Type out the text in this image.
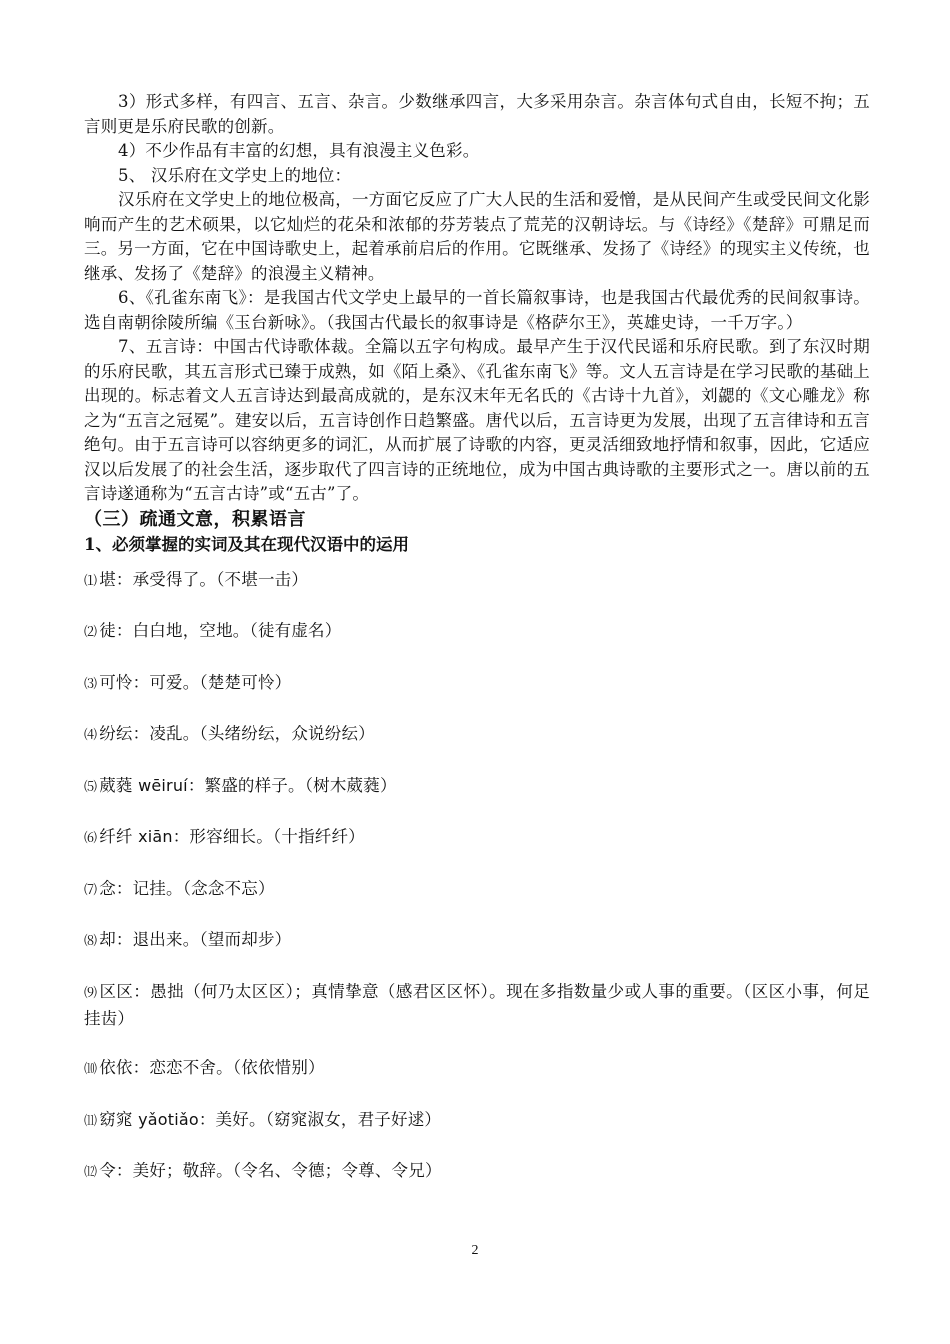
3）形式多样，有四言、五言、杂言。少数继承四言，大多采用杂言。杂言体句式自由，长短不拘；五言则更是乐府民歌的创新。

4）不少作品有丰富的幻想，具有浪漫主义色彩。

5、 汉乐府在文学史上的地位：

汉乐府在文学史上的地位极高，一方面它反应了广大人民的生活和爱憎，是从民间产生或受民间文化影响而产生的艺术硕果，以它灿烂的花朵和浓郁的芬芳装点了荒芜的汉朝诗坛。与《诗经》《楚辞》可鼎足而三。另一方面，它在中国诗歌史上，起着承前启后的作用。它既继承、发扬了《诗经》的现实主义传统，也继承、发扬了《楚辞》的浪漫主义精神。

6、《孔雀东南飞》：是我国古代文学史上最早的一首长篇叙事诗，也是我国古代最优秀的民间叙事诗。选自南朝徐陵所编《玉台新咏》。（我国古代最长的叙事诗是《格萨尔王》，英雄史诗，一千万字。）

7、五言诗：中国古代诗歌体裁。全篇以五字句构成。最早产生于汉代民谣和乐府民歌。到了东汉时期的乐府民歌，其五言形式已臻于成熟，如《陌上桑》、《孔雀东南飞》等。文人五言诗是在学习民歌的基础上出现的。标志着文人五言诗达到最高成就的，是东汉末年无名氏的《古诗十九首》，刘勰的《文心雕龙》称之为“五言之冠冕”。建安以后，五言诗创作日趋繁盛。唐代以后，五言诗更为发展，出现了五言律诗和五言绝句。由于五言诗可以容纳更多的词汇，从而扩展了诗歌的内容，更灵活细致地抒情和叙事，因此，它适应汉以后发展了的社会生活，逐步取代了四言诗的正统地位，成为中国古典诗歌的主要形式之一。唐以前的五言诗遂通称为“五言古诗”或“五古”了。

（三）疏通文意，积累语言
1、必须掌握的实词及其在现代汉语中的运用
⑴ 堪：承受得了。（不堪一击）
⑵ 徒：白白地，空地。（徒有虚名）
⑶ 可怜：可爱。（楚楚可怜）
⑷ 纷纭：凌乱。（头绪纷纭，众说纷纭）
⑸ 葳蕤 wēiruí：繁盛的样子。（树木葳蕤）
⑹ 纤纤 xiān：形容细长。（十指纤纤）
⑺ 念：记挂。（念念不忘）
⑻ 却：退出来。（望而却步）
⑼ 区区：愚拙（何乃太区区）；真情挚意（感君区区怀）。现在多指数量少或人事的重要。（区区小事，何足挂齿）
⑽ 依依：恋恋不舍。（依依惜别）
⑾ 窈窕 yǎotiǎo：美好。（窈窕淑女，君子好逑）
⑿ 令：美好；敬辞。（令名、令德；令尊、令兄）
2
